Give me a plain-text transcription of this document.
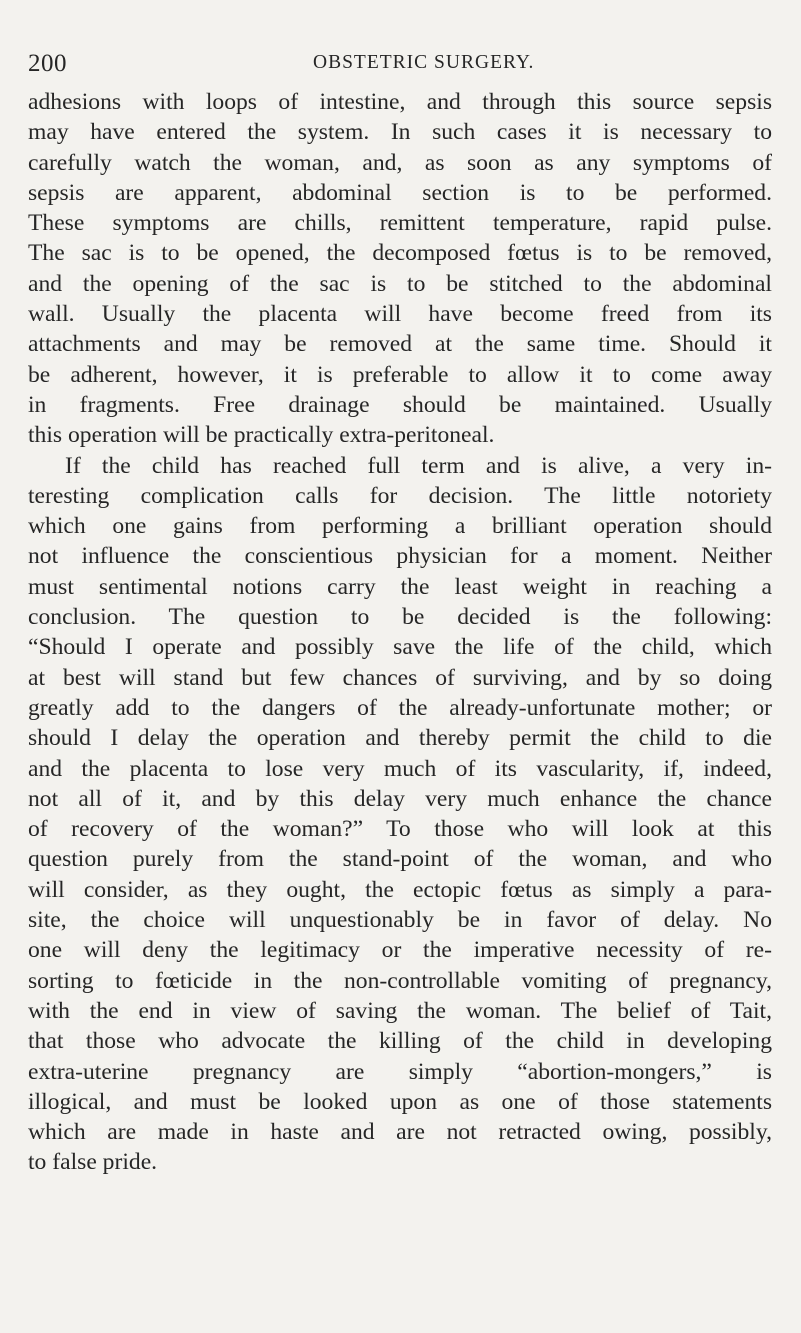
200	OBSTETRIC SURGERY.
adhesions with loops of intestine, and through this source sepsis
may have entered the system. In such cases it is necessary to
carefully watch the woman, and, as soon as any symptoms of
sepsis are apparent, abdominal section is to be performed.
These symptoms are chills, remittent temperature, rapid pulse.
The sac is to be opened, the decomposed fœtus is to be removed,
and the opening of the sac is to be stitched to the abdominal
wall. Usually the placenta will have become freed from its
attachments and may be removed at the same time. Should it
be adherent, however, it is preferable to allow it to come away
in fragments. Free drainage should be maintained. Usually
this operation will be practically extra-peritoneal.
If the child has reached full term and is alive, a very in-
teresting complication calls for decision. The little notoriety
which one gains from performing a brilliant operation should
not influence the conscientious physician for a moment. Neither
must sentimental notions carry the least weight in reaching a
conclusion. The question to be decided is the following:
“Should I operate and possibly save the life of the child, which
at best will stand but few chances of surviving, and by so doing
greatly add to the dangers of the already-unfortunate mother; or
should I delay the operation and thereby permit the child to die
and the placenta to lose very much of its vascularity, if, indeed,
not all of it, and by this delay very much enhance the chance
of recovery of the woman?” To those who will look at this
question purely from the stand-point of the woman, and who
will consider, as they ought, the ectopic fœtus as simply a para-
site, the choice will unquestionably be in favor of delay. No
one will deny the legitimacy or the imperative necessity of re-
sorting to fœticide in the non-controllable vomiting of pregnancy,
with the end in view of saving the woman. The belief of Tait,
that those who advocate the killing of the child in developing
extra-uterine pregnancy are simply “abortion-mongers,” is
illogical, and must be looked upon as one of those statements
which are made in haste and are not retracted owing, possibly,
to false pride.
